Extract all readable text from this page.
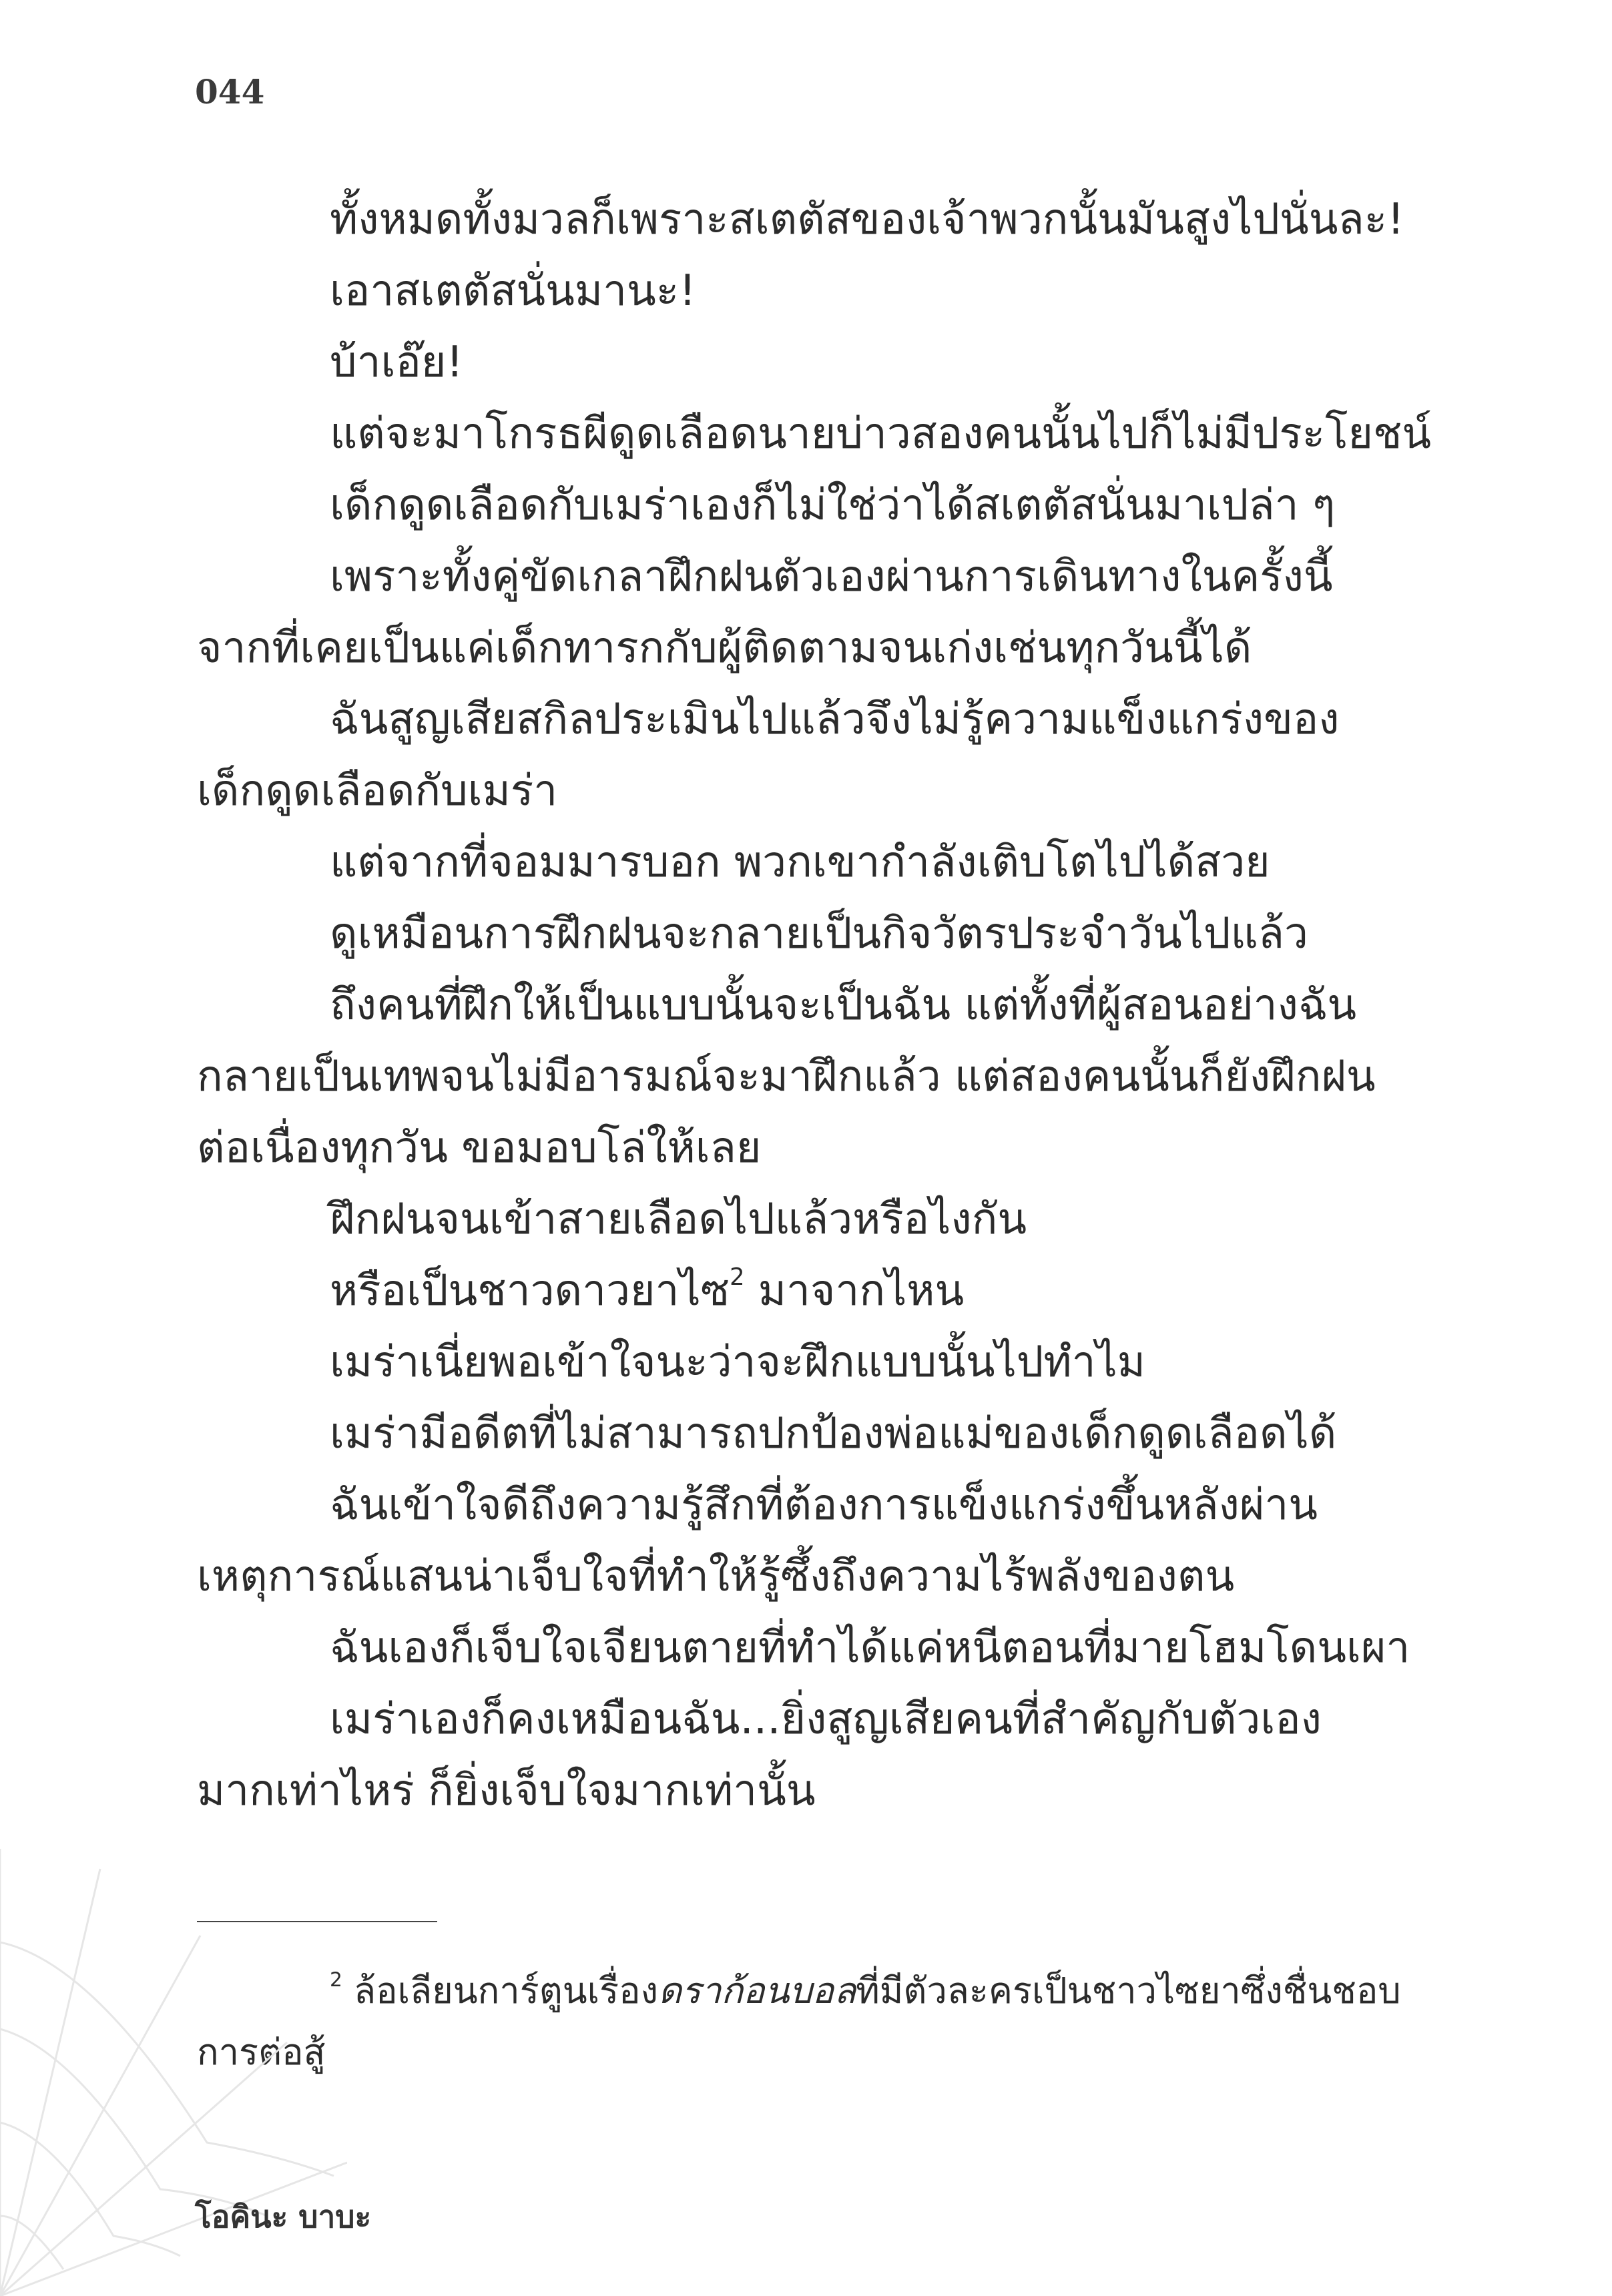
044
ทั้งหมดทั้งมวลก็เพราะสเตตัสของเจ้าพวกนั้นมันสูงไปนั่นละ!
เอาสเตตัสนั่นมานะ!
บ้าเอ๊ย!
แต่จะมาโกรธผีดูดเลือดนายบ่าวสองคนนั้นไปก็ไม่มีประโยชน์
เด็กดูดเลือดกับเมร่าเองก็ไม่ใช่ว่าได้สเตตัสนั่นมาเปล่า ๆ
เพราะทั้งคู่ขัดเกลาฝึกฝนตัวเองผ่านการเดินทางในครั้งนี้
จากที่เคยเป็นแค่เด็กทารกกับผู้ติดตามจนเก่งเช่นทุกวันนี้ได้
ฉันสูญเสียสกิลประเมินไปแล้วจึงไม่รู้ความแข็งแกร่งของ
เด็กดูดเลือดกับเมร่า
แต่จากที่จอมมารบอก พวกเขากำลังเติบโตไปได้สวย
ดูเหมือนการฝึกฝนจะกลายเป็นกิจวัตรประจำวันไปแล้ว
ถึงคนที่ฝึกให้เป็นแบบนั้นจะเป็นฉัน แต่ทั้งที่ผู้สอนอย่างฉัน
กลายเป็นเทพจนไม่มีอารมณ์จะมาฝึกแล้ว แต่สองคนนั้นก็ยังฝึกฝน
ต่อเนื่องทุกวัน ขอมอบโล่ให้เลย
ฝึกฝนจนเข้าสายเลือดไปแล้วหรือไงกัน
หรือเป็นชาวดาวยาไซ$^2$ มาจากไหน
เมร่าเนี่ยพอเข้าใจนะว่าจะฝึกแบบนั้นไปทำไม
เมร่ามีอดีตที่ไม่สามารถปกป้องพ่อแม่ของเด็กดูดเลือดได้
ฉันเข้าใจดีถึงความรู้สึกที่ต้องการแข็งแกร่งขึ้นหลังผ่าน
เหตุการณ์แสนน่าเจ็บใจที่ทำให้รู้ซึ้งถึงความไร้พลังของตน
ฉันเองก็เจ็บใจเจียนตายที่ทำได้แค่หนีตอนที่มายโฮมโดนเผา
เมร่าเองก็คงเหมือนฉัน...ยิ่งสูญเสียคนที่สำคัญกับตัวเอง
มากเท่าไหร่ ก็ยิ่งเจ็บใจมากเท่านั้น
$^2$ ล้อเลียนการ์ตูนเรื่องดราก้อนบอลที่มีตัวละครเป็นชาวไซยาซึ่งชื่นชอบ
การต่อสู้
โอคินะ บาบะ
